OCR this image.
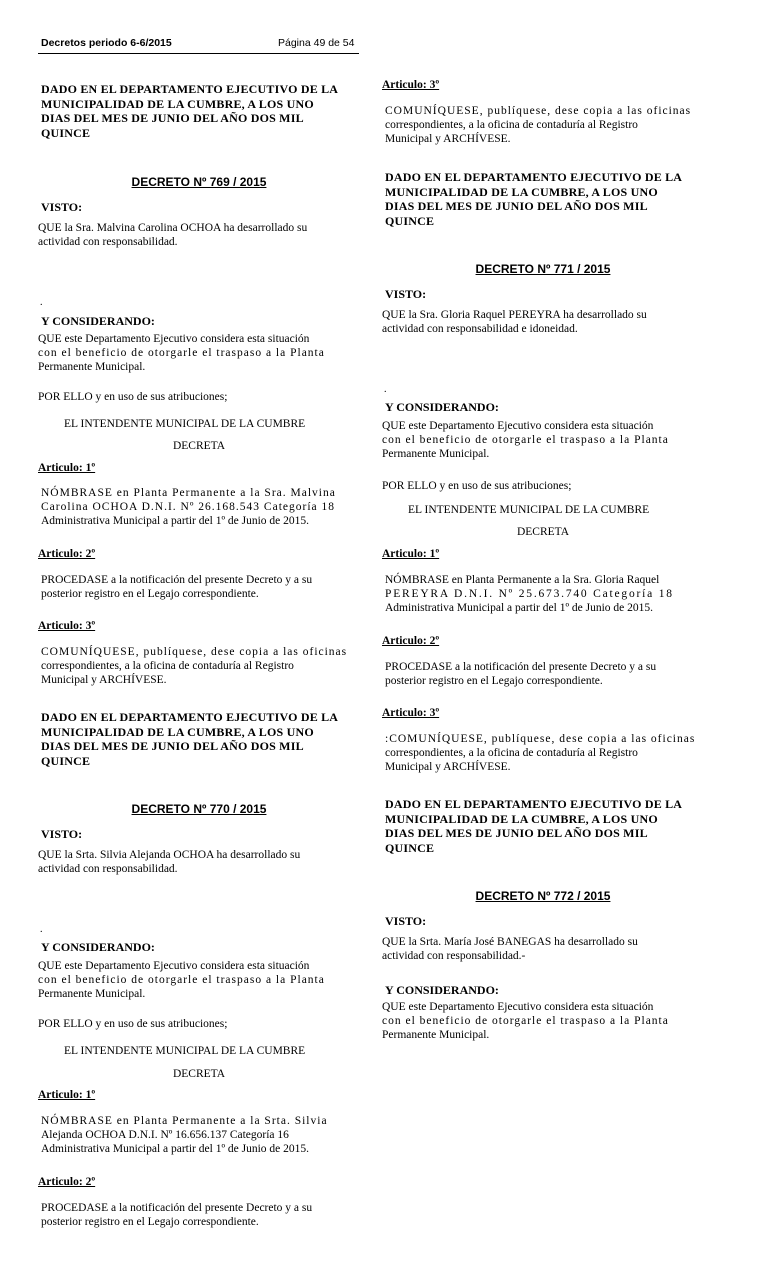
Decretos periodo 6-6/2015	Página 49 de 54
DADO EN EL DEPARTAMENTO EJECUTIVO DE LA
MUNICIPALIDAD DE LA CUMBRE, A LOS UNO
DIAS DEL MES DE JUNIO DEL AÑO DOS MIL
QUINCE
DECRETO Nº 769 / 2015
VISTO:
QUE la Sra. Malvina Carolina OCHOA ha desarrollado su
actividad con responsabilidad.
.
Y CONSIDERANDO:
QUE este Departamento Ejecutivo considera esta situación
con el beneficio de otorgarle el traspaso a la Planta
Permanente Municipal.
POR ELLO y en uso de sus atribuciones;
EL INTENDENTE MUNICIPAL DE LA CUMBRE
DECRETA
Articulo: 1º
NÓMBRASE en Planta Permanente a la Sra. Malvina
Carolina OCHOA D.N.I. Nº 26.168.543 Categoría 18
Administrativa Municipal a partir del 1º de Junio de 2015.
Articulo: 2º
PROCEDASE a la notificación del presente Decreto y a su
posterior registro en el Legajo correspondiente.
Articulo: 3º
COMUNÍQUESE, publíquese, dese copia a las oficinas
correspondientes, a la oficina de contaduría al Registro
Municipal y ARCHÍVESE.
DADO EN EL DEPARTAMENTO EJECUTIVO DE LA
MUNICIPALIDAD DE LA CUMBRE, A LOS UNO
DIAS DEL MES DE JUNIO DEL AÑO DOS MIL
QUINCE
DECRETO Nº 770 / 2015
VISTO:
QUE la Srta. Silvia Alejanda OCHOA ha desarrollado su
actividad con responsabilidad.
.
Y CONSIDERANDO:
QUE este Departamento Ejecutivo considera esta situación
con el beneficio de otorgarle el traspaso a la Planta
Permanente Municipal.
POR ELLO y en uso de sus atribuciones;
EL INTENDENTE MUNICIPAL DE LA CUMBRE
DECRETA
Articulo: 1º
NÓMBRASE en Planta Permanente a la Srta. Silvia
Alejanda OCHOA D.N.I. Nº 16.656.137 Categoría 16
Administrativa Municipal a partir del 1º de Junio de 2015.
Articulo: 2º
PROCEDASE a la notificación del presente Decreto y a su
posterior registro en el Legajo correspondiente.
Articulo: 3º
COMUNÍQUESE, publíquese, dese copia a las oficinas
correspondientes, a la oficina de contaduría al Registro
Municipal y ARCHÍVESE.
DADO EN EL DEPARTAMENTO EJECUTIVO DE LA
MUNICIPALIDAD DE LA CUMBRE, A LOS UNO
DIAS DEL MES DE JUNIO DEL AÑO DOS MIL
QUINCE
DECRETO Nº 771 / 2015
VISTO:
QUE la Sra. Gloria Raquel PEREYRA ha desarrollado su
actividad con responsabilidad e idoneidad.
.
Y CONSIDERANDO:
QUE este Departamento Ejecutivo considera esta situación
con el beneficio de otorgarle el traspaso a la Planta
Permanente Municipal.
POR ELLO y en uso de sus atribuciones;
EL INTENDENTE MUNICIPAL DE LA CUMBRE
DECRETA
Articulo: 1º
NÓMBRASE en Planta Permanente a la Sra. Gloria Raquel
PEREYRA D.N.I. Nº 25.673.740 Categoría 18
Administrativa Municipal a partir del 1º de Junio de 2015.
Articulo: 2º
PROCEDASE a la notificación del presente Decreto y a su
posterior registro en el Legajo correspondiente.
Articulo: 3º
:COMUNÍQUESE, publíquese, dese copia a las oficinas
correspondientes, a la oficina de contaduría al Registro
Municipal y ARCHÍVESE.
DADO EN EL DEPARTAMENTO EJECUTIVO DE LA
MUNICIPALIDAD DE LA CUMBRE, A LOS UNO
DIAS DEL MES DE JUNIO DEL AÑO DOS MIL
QUINCE
DECRETO Nº 772 / 2015
VISTO:
QUE la Srta. María José BANEGAS ha desarrollado su
actividad con responsabilidad.-
Y CONSIDERANDO:
QUE este Departamento Ejecutivo considera esta situación
con el beneficio de otorgarle el traspaso a la Planta
Permanente Municipal.
